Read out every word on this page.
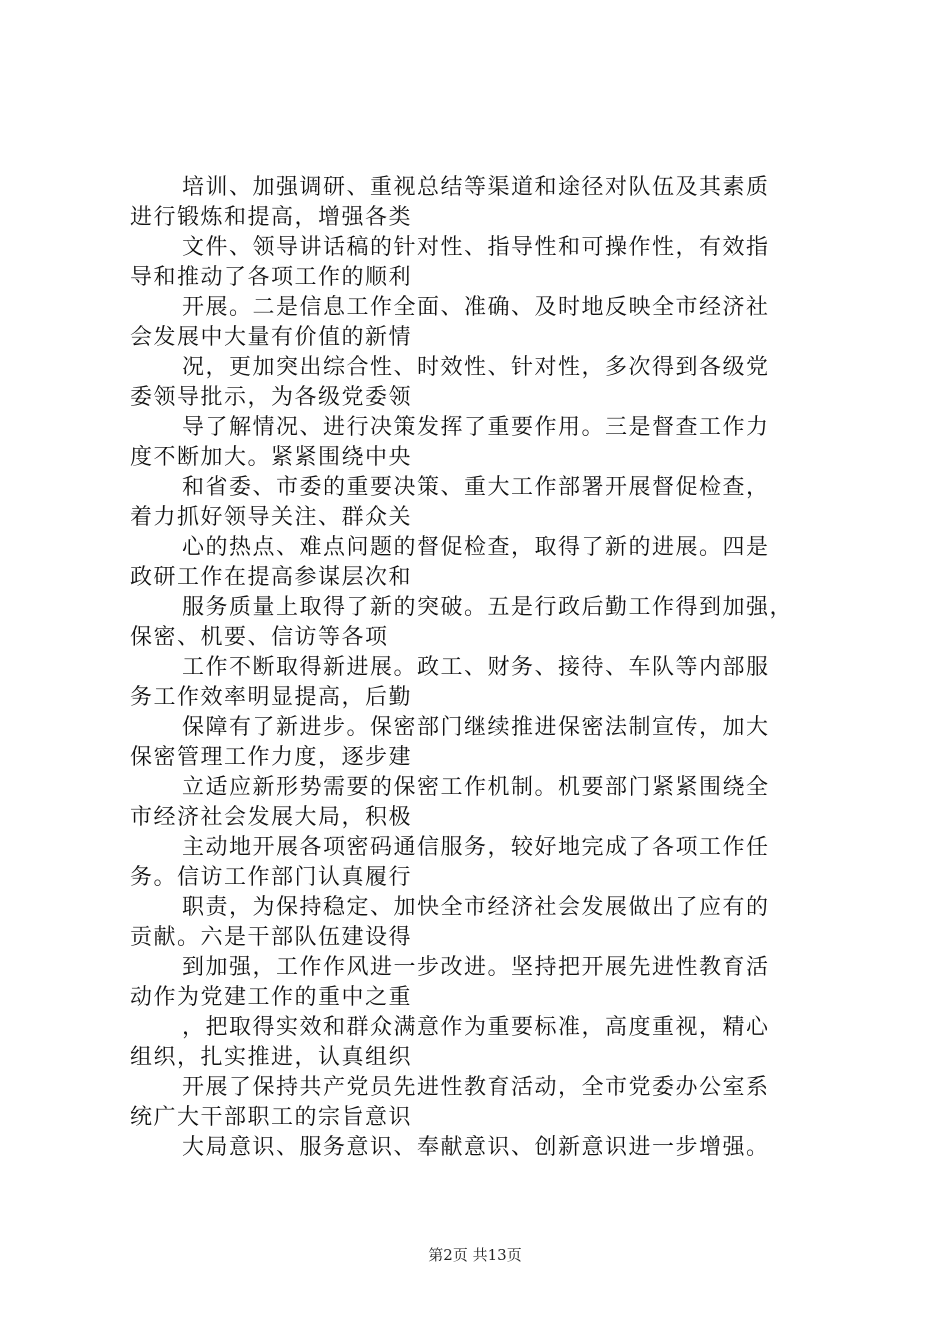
培训、加强调研、重视总结等渠道和途径对队伍及其素质
进行锻炼和提高，增强各类
文件、领导讲话稿的针对性、指导性和可操作性，有效指
导和推动了各项工作的顺利
开展。二是信息工作全面、准确、及时地反映全市经济社
会发展中大量有价值的新情
况，更加突出综合性、时效性、针对性，多次得到各级党
委领导批示，为各级党委领
导了解情况、进行决策发挥了重要作用。三是督查工作力
度不断加大。紧紧围绕中央
和省委、市委的重要决策、重大工作部署开展督促检查，
着力抓好领导关注、群众关
心的热点、难点问题的督促检查，取得了新的进展。四是
政研工作在提高参谋层次和
服务质量上取得了新的突破。五是行政后勤工作得到加强，
保密、机要、信访等各项
工作不断取得新进展。政工、财务、接待、车队等内部服
务工作效率明显提高，后勤
保障有了新进步。保密部门继续推进保密法制宣传，加大
保密管理工作力度，逐步建
立适应新形势需要的保密工作机制。机要部门紧紧围绕全
市经济社会发展大局，积极
主动地开展各项密码通信服务，较好地完成了各项工作任
务。信访工作部门认真履行
职责，为保持稳定、加快全市经济社会发展做出了应有的
贡献。六是干部队伍建设得
到加强，工作作风进一步改进。坚持把开展先进性教育活
动作为党建工作的重中之重
，把取得实效和群众满意作为重要标准，高度重视，精心
组织，扎实推进，认真组织
开展了保持共产党员先进性教育活动，全市党委办公室系
统广大干部职工的宗旨意识
大局意识、服务意识、奉献意识、创新意识进一步增强。
第2页 共13页
